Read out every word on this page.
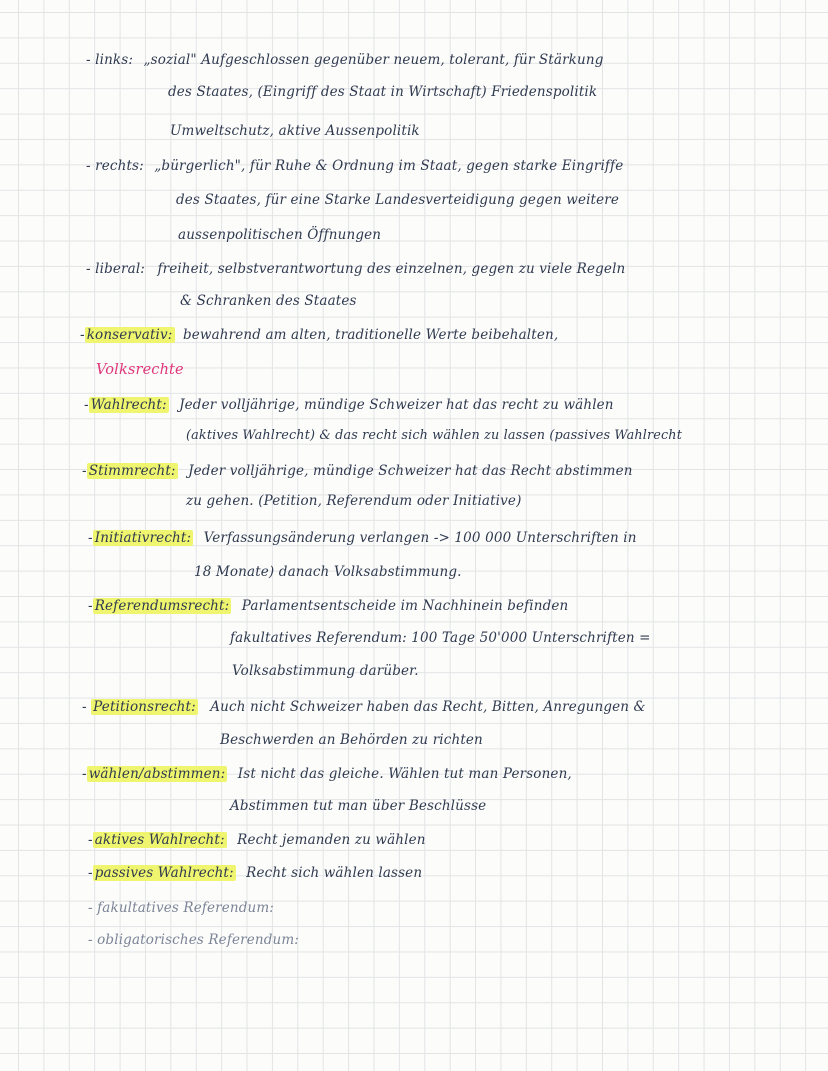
- links: „sozial" Aufgeschlossen gegenüber neuem, tolerant, für Stärkung
des Staates, (Eingriff des Staat in Wirtschaft) Friedenspolitik
Umweltschutz, aktive Aussenpolitik
- rechts: „bürgerlich", für Ruhe & Ordnung im Staat, gegen starke Eingriffe
des Staates, für eine Starke Landesverteidigung gegen weitere
aussenpolitischen Öffnungen
- liberal: freiheit, selbstverantwortung des einzelnen, gegen zu viele Regeln
& Schranken des Staates
- konservativ: bewahrend am alten, traditionelle Werte beibehalten,
Volksrechte
- Wahlrecht: Jeder volljährige, mündige Schweizer hat das recht zu wählen
(aktives Wahlrecht) & das recht sich wählen zu lassen (passives Wahlrecht
- Stimmrecht: Jeder volljährige, mündige Schweizer hat das Recht abstimmen
zu gehen. (Petition, Referendum oder Initiative)
- Initiativrecht: Verfassungsänderung verlangen -> 100 000 Unterschriften in
18 Monate) danach Volksabstimmung.
- Referendumsrecht: Parlamentsentscheide im Nachhinein befinden
fakultatives Referendum: 100 Tage 50'000 Unterschriften =
Volksabstimmung darüber.
- Petitionsrecht: Auch nicht Schweizer haben das Recht, Bitten, Anregungen &
Beschwerden an Behörden zu richten
- wählen/abstimmen: Ist nicht das gleiche. Wählen tut man Personen,
Abstimmen tut man über Beschlüsse
- aktives Wahlrecht: Recht jemanden zu wählen
- passives Wahlrecht: Recht sich wählen lassen
- fakultatives Referendum:
- obligatorisches Referendum:
